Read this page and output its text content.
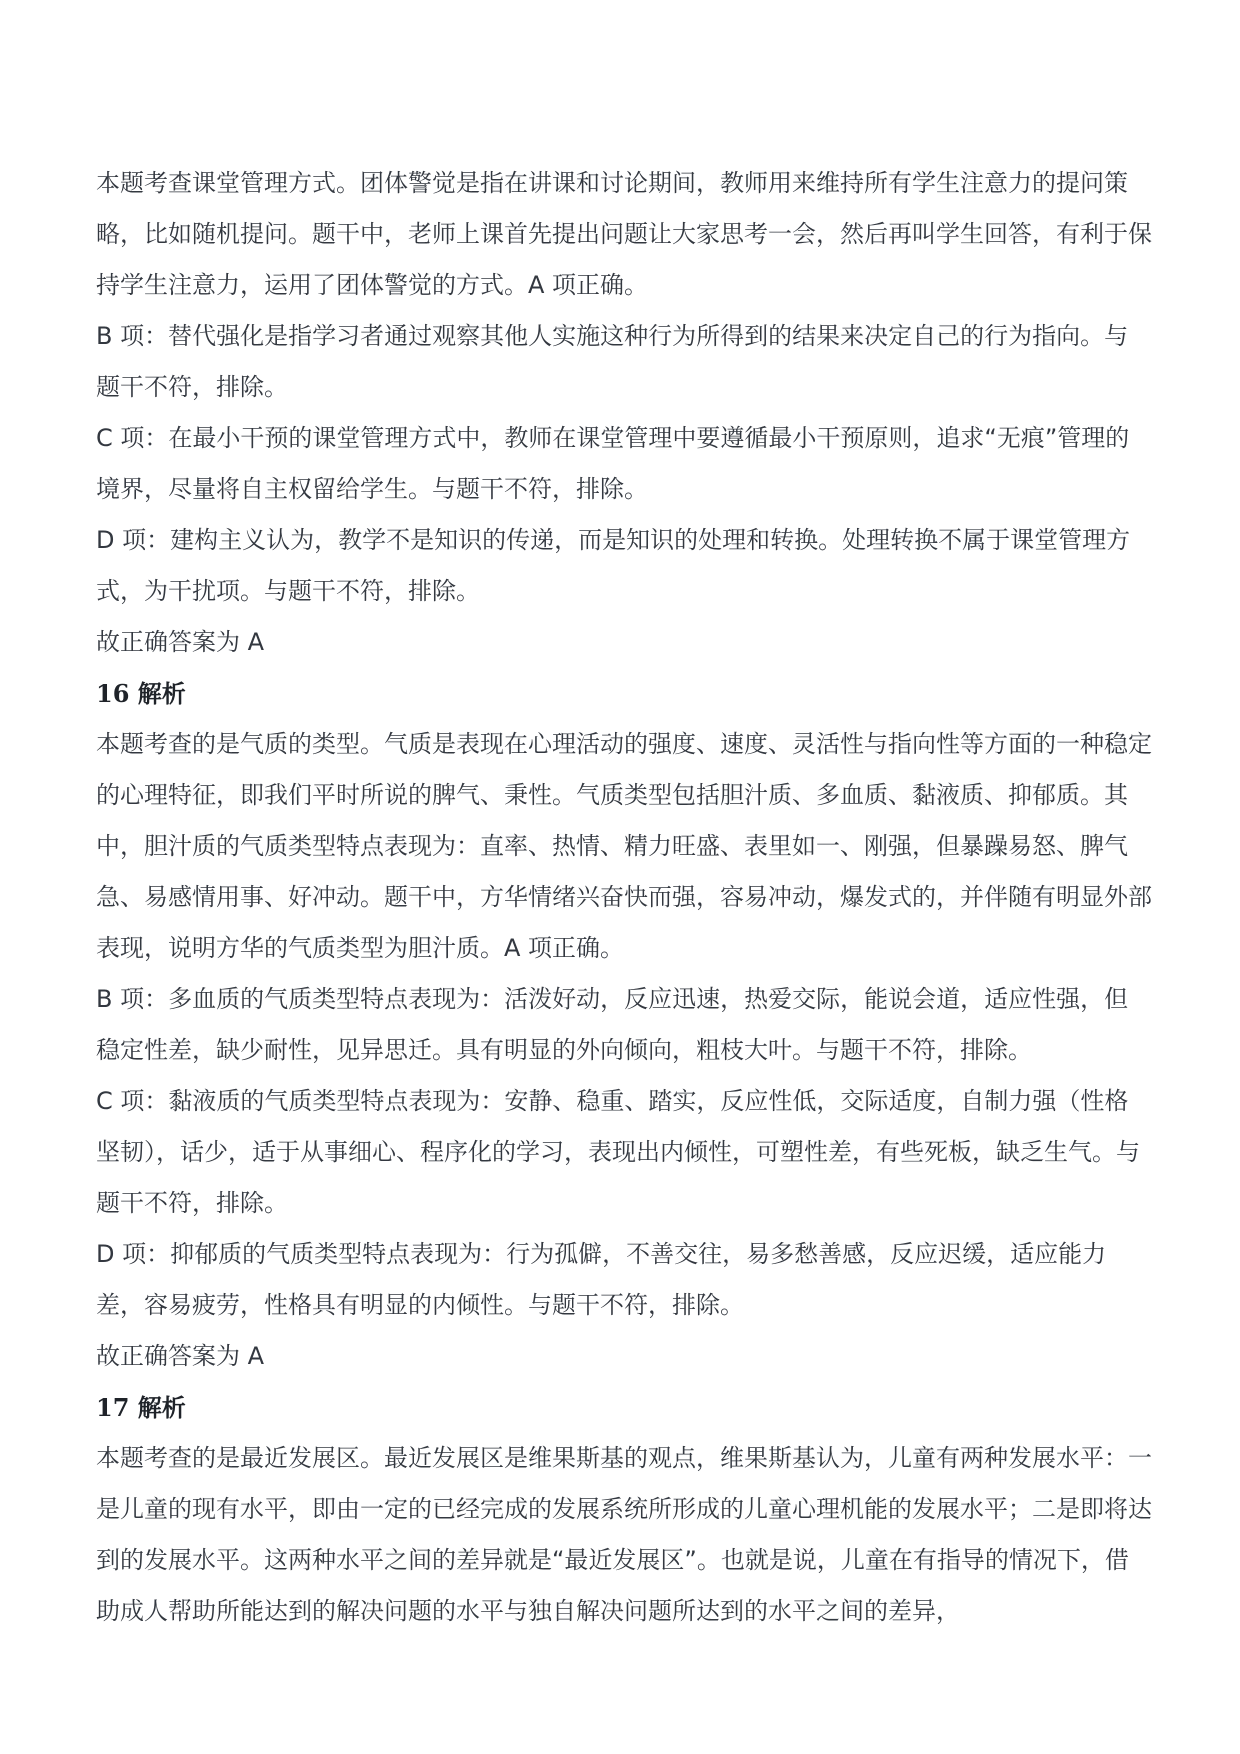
本题考查课堂管理方式。团体警觉是指在讲课和讨论期间，教师用来维持所有学生注意力的提问策略，比如随机提问。题干中，老师上课首先提出问题让大家思考一会，然后再叫学生回答，有利于保持学生注意力，运用了团体警觉的方式。A 项正确。

B 项：替代强化是指学习者通过观察其他人实施这种行为所得到的结果来决定自己的行为指向。与题干不符，排除。

C 项：在最小干预的课堂管理方式中，教师在课堂管理中要遵循最小干预原则，追求“无痕”管理的境界，尽量将自主权留给学生。与题干不符，排除。

D 项：建构主义认为，教学不是知识的传递，而是知识的处理和转换。处理转换不属于课堂管理方式，为干扰项。与题干不符，排除。

故正确答案为 A

16 解析

本题考查的是气质的类型。气质是表现在心理活动的强度、速度、灵活性与指向性等方面的一种稳定的心理特征，即我们平时所说的脾气、秉性。气质类型包括胆汁质、多血质、黏液质、抑郁质。其中，胆汁质的气质类型特点表现为：直率、热情、精力旺盛、表里如一、刚强，但暴躁易怒、脾气急、易感情用事、好冲动。题干中，方华情绪兴奋快而强，容易冲动，爆发式的，并伴随有明显外部表现，说明方华的气质类型为胆汁质。A 项正确。

B 项：多血质的气质类型特点表现为：活泼好动，反应迅速，热爱交际，能说会道，适应性强，但稳定性差，缺少耐性，见异思迁。具有明显的外向倾向，粗枝大叶。与题干不符，排除。

C 项：黏液质的气质类型特点表现为：安静、稳重、踏实，反应性低，交际适度，自制力强（性格坚韧），话少，适于从事细心、程序化的学习，表现出内倾性，可塑性差，有些死板，缺乏生气。与题干不符，排除。

D 项：抑郁质的气质类型特点表现为：行为孤僻，不善交往，易多愁善感，反应迟缓，适应能力差，容易疲劳，性格具有明显的内倾性。与题干不符，排除。

故正确答案为 A

17 解析

本题考查的是最近发展区。最近发展区是维果斯基的观点，维果斯基认为，儿童有两种发展水平：一是儿童的现有水平，即由一定的已经完成的发展系统所形成的儿童心理机能的发展水平；二是即将达到的发展水平。这两种水平之间的差异就是“最近发展区”。也就是说，儿童在有指导的情况下，借助成人帮助所能达到的解决问题的水平与独自解决问题所达到的水平之间的差异，
